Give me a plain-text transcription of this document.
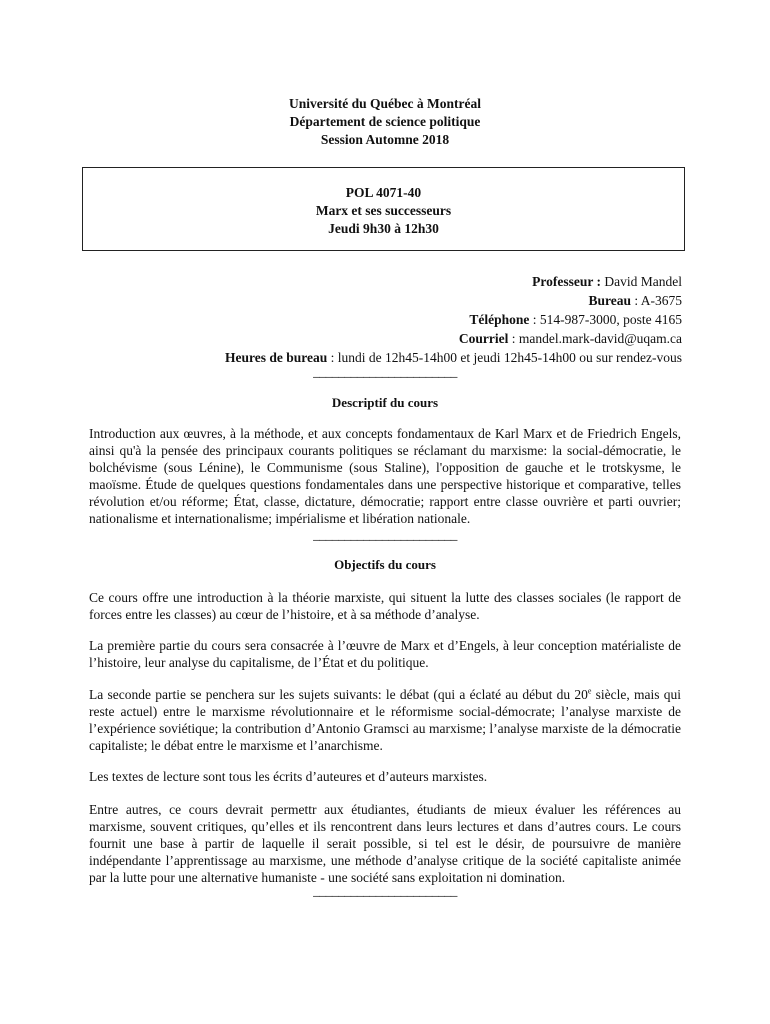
Université du Québec à Montréal
Département de science politique
Session Automne 2018
POL 4071-40
Marx et ses successeurs
Jeudi 9h30 à 12h30
Professeur : David Mandel
Bureau : A-3675
Téléphone : 514-987-3000, poste 4165
Courriel : mandel.mark-david@uqam.ca
Heures de bureau : lundi de 12h45-14h00 et jeudi 12h45-14h00 ou sur rendez-vous
_______________________
Descriptif du cours
Introduction aux œuvres, à la méthode, et aux concepts fondamentaux de Karl Marx et de Friedrich Engels, ainsi qu'à la pensée des principaux courants politiques se réclamant du marxisme: la social-démocratie, le bolchévisme (sous Lénine), le Communisme (sous Staline), l'opposition de gauche et le trotskysme, le maoïsme. Étude de quelques questions fondamentales dans une perspective historique et comparative, telles révolution et/ou réforme; État, classe, dictature, démocratie; rapport entre classe ouvrière et parti ouvrier; nationalisme et internationalisme; impérialisme et libération nationale.
_______________________
Objectifs du cours
Ce cours offre une introduction à la théorie marxiste, qui situent la lutte des classes sociales (le rapport de forces entre les classes) au cœur de l’histoire, et à sa méthode d’analyse.
La première partie du cours sera consacrée à l’œuvre de Marx et d’Engels, à leur conception matérialiste de l’histoire, leur analyse du capitalisme, de l’État et du politique.
La seconde partie se penchera sur les sujets suivants: le débat (qui a éclaté au début du 20e siècle, mais qui reste actuel) entre le marxisme révolutionnaire et le réformisme social-démocrate; l’analyse marxiste de l’expérience soviétique; la contribution d’Antonio Gramsci au marxisme; l’analyse marxiste de la démocratie capitaliste; le débat entre le marxisme et l’anarchisme.
Les textes de lecture sont tous les écrits d’auteures et d’auteurs marxistes.
Entre autres, ce cours devrait permettr aux étudiantes, étudiants de mieux évaluer les références au marxisme, souvent critiques, qu’elles et ils rencontrent dans leurs lectures et dans d’autres cours. Le cours fournit une base à partir de laquelle il serait possible, si tel est le désir, de poursuivre de manière indépendante l’apprentissage au marxisme, une méthode d’analyse critique de la société capitaliste animée par la lutte pour une alternative humaniste - une société sans exploitation ni domination.
_______________________
